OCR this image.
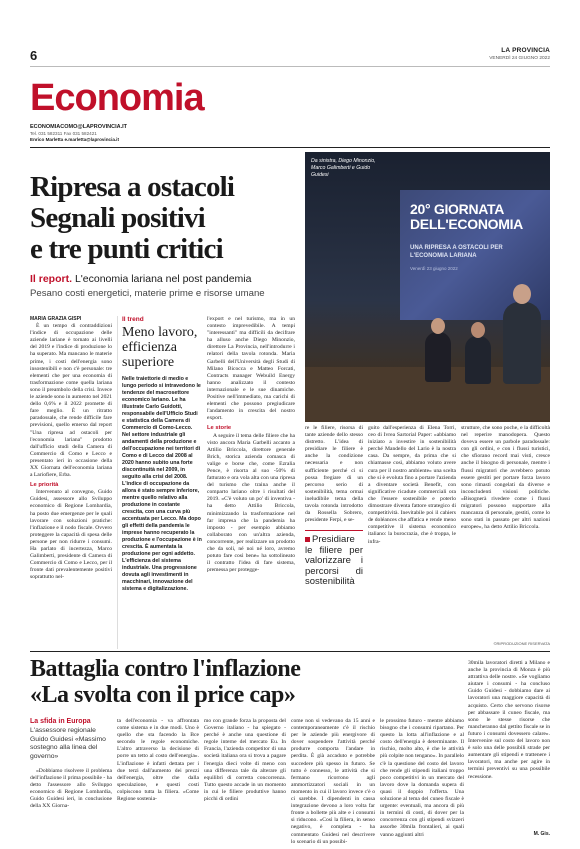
6	LA PROVINCIA
VENERDÌ 24 GIUGNO 2022
Economia
ECONOMIACOMO@LAPROVINCIA.IT
Tel. 031 582311 Fax 031 582421
Enrico Marletta e.marletta@laprovincia.it
Ripresa a ostacoli
Segnali positivi
e tre punti critici
Il report. L'economia lariana nel post pandemia
Pesano costi energetici, materie prime e risorse umane
20° GIORNATA DELL'ECONOMIA
UNA RIPRESA A OSTACOLI PER L'ECONOMIA LARIANA
Venerdì 23 giugno 2022
Da sinistra, Diego Minonzio, Marco Galimberti e Guido Guidesi
MARIA GRAZIA GISPI

È un tempo di contraddizioni l'indice di occupazione delle aziende lariane è tornato ai livelli del 2019 e l'indice di produzione lo ha superato. Ma mancano le materie prime, i costi dell'energia sono insostenibili e non c'è personale: tre elementi che per una economia di trasformazione come quella lariana sono il preambolo della crisi. Invece le aziende sono in aumento nel 2021 dello 0,6% e il 2022 promette di fare meglio. È un ritratto paradossale, che rende difficile fare previsioni, quello emerso dal report "Una ripresa ad ostacoli per l'economia lariana" prodotto dall'ufficio studi della Camera di Commercio di Como e Lecco e presentato ieri in occasione della XX Giornata dell'economia lariana a Lariofiere, Erba.

Le priorità

Intervenuto al convegno, Guido Guidesi, assessore allo Sviluppo economico di Regione Lombardia, ha posto due emergenze per le quali lavorare con soluzioni pratiche: l'inflazione e il nodo fiscale. Ovvero proteggere la capacità di spesa delle persone per non ridurre i consumi. Ha parlato di incertezza, Marco Galimberti, presidente di Camera di Commercio di Como e Lecco, per il fronte dati prevalentemente positivi soprattutto nel-

Il trend
Meno lavoro, efficienza superiore
Nelle traiettorie di medio e lungo periodo si intravedono le tendenze del macrosettore economico lariano. Le ha illustrate Carlo Guidotti, responsabile dell'Ufficio Studi e statistica della Camera di Commercio di Como-Lecco. Nel settore industriale gli andamenti della produzione e dell'occupazione nei territori di Como e di Lecco dal 2008 al 2020 hanno subito una forte discontinuità nel 2009, in seguito alla crisi del 2008. L'indice di occupazione da allora è stato sempre inferiore, mentre quello relativo alla produzione in costante crescita, con una curva più accentuata per Lecco. Ma dopo gli effetti della pandemia le imprese hanno recuperato la produzione e l'occupazione è in crescita. È aumentata la produzione per ogni addetto. L'efficienza del sistema industriale. Una progressione dovuta agli investimenti in macchinari, innovazione del sistema e digitalizzazione.

l'export e nel turismo, ma in un contesto imprevedibile. A tempi "interessanti" ma difficili da decifrare ha alluso anche Diego Minonzio, direttore La Provincia, nell'introdurre i relatori della tavola rotonda. Maria Garbelli dell'Università degli Studi di Milano Bicocca e Matteo Forcati, Contracts manager Webuild Energy hanno analizzato il contesto internazionale e le sue dinamiche. Positive nell'immediato, ma carichi di elementi che possono pregiudicare l'andamento in crescita del nostro export.

Le storie

A seguire il tema delle filiere che ha visto ancora Maria Garbelli accanto a Attilio Briccola, direttore generale Brich, storica azienda comasca di valige e borse che, come Ezralia Pence, è risorta al suo -50% di fatturato e ora vola alta con una ripresa del turismo che traina anche il comparto lariano oltre i risultati del 2019. «C'è voluto un po' di inventiva - ha detto Attilio Briccola, minimizzando la trasformazione nel far impresa che la pandemia ha imposto - per esempio abbiamo collaborato con un'altra azienda, concorrente, per realizzare un prodotto che da soli, né noi né loro, avremo potuto fare così bene» ha sottolineato il contratto l'idea di fare sistema, premessa per protegge-

re le filiere, risorsa di tante aziende dello stesso distretto. L'idea di presidiare le filiere è anche la condizione necessaria e non sufficiente perché ci si possa fregiare di un percorso serio di sostenibilità, tema ormai ineludibile tema della tavola rotonda introdotto da Rossella Sobrero, presidente Ferpi, e se-

Presidiare le filiere per valorizzare i percorsi di sostenibilità

guito dall'esperienza di Elena Torri, ceo di Ivrea Sartorial Paper: «abbiamo iniziato a investire in sostenibilità perché Mandello del Lario è la nostra casa. Da sempre, da prima che si chiamasse così, abbiamo voluto avere cura per il nostro ambiente» una scelta che si è evoluta fino a portare l'azienda a diventare società Benefit, con significative ricadute commerciali ora che l'essere sostenibile e poterlo dimostrare diventa fattore strategico di competitività. Inevitabile poi il cahiers de doléances che affatica e rende meno competitive il sistema economico italiano: la burocrazia, che è troppa, le infra-

strutture, che sono poche, e la difficoltà nel reperire manodopera. Questo doveva essere un parbole paradossale: con gli ordini, e con i flussi turistici, che sfiorano record mai visti, cresce anche il bisogno di personale, mentre i flussi migratori che avrebbero potuto essere gestiti per portare forza lavoro sono rimasti congelati da diverse e inconcludenti visioni politiche. «Bisognerà rivedere come i flussi migratori possono supportare alla mancanza di personale, gestiti, come lo sono stati in passato per altri nazioni europee», ha detto Attilio Briccola.

©RIPRODUZIONE RISERVATA
Battaglia contro l'inflazione
«La svolta con il price cap»
La sfida in Europa
L'assessore regionale Guido Guidesi «Massimo sostegno alla linea del governo»

«Dobbiamo risolvere il problema dell'inflazione il prima possibile - ha detto l'assessore allo Sviluppo economico di Regione Lombardia, Guido Guidesi ieri, in conclusione della XX Giorna-

ta dell'economia - va affrontata come sistema e in due modi. Uno è quello che sta facendo la Bce secondo le regole economiche. L'altro attraverso la decisione di porre un tetto al costo dell'energia». L'inflazione è infatti dettata per i due terzi dall'aumento dei prezzi dell'energia, oltre che dalla speculazione, e questi costi colpiscono tutta la filiera. «Come Regione sostenia-

mo con grande forza la proposta del Governo italiano - ha spiegato - perché è anche una questione di regole interne del mercato Eu. In Francia, l'azienda competitor di una società italiana ora si trova a pagare l'energia dieci volte di meno con una differenza tale da alterare gli equilibri di corretta concorrenza. Tutto questo accade in un momento in cui le filiere produttive hanno picchi di ordini

come non si vedevano da 15 anni e contemporaneamente c'è il rischio per le aziende più energivore di dover sospendere l'attività perché produrre comporta l'andare in perdita. È già accaduto e potrebbe succedere più spesso in futuro. Se tutto è connesso, le attività che si fermano ricorrono agli ammortizzatori sociali in un momento in cui il lavoro invece c'è o ci sarebbe. I dipendenti in cassa integrazione devono a loro volta far fronte a bollette più alte e i consumi si riducono. «Così la filiera, in senso negativo, è completa - ha commentato Guidesi nel descrivere lo scenario di un possibi-

le prossimo futuro - mentre abbiamo bisogno che i consumi ripartano. Per questo la lotta all'inflazione e al costo dell'energia è determinante. Il rischio, molto alto, è che le attività più colpite non tengano». In parallelo c'è la questione del costo del lavoro che rende gli stipendi italiani troppo poco competitivi in un mercato del lavoro dove la domanda supera di quasi il doppio l'offerta. Una soluzione al tema del cuneo fiscale è urgente: eventuali, ma ancora di più in termini di costi, di dover per la concorrenza con gli stipendi svizzeri assorbe 30mila frontalieri, ai quali vanno aggiunti altri

30mila lavoratori diretti a Milano e anche la provincia di Monza è più attrattiva delle nostre. «Se vogliamo aiutare i consumi - ha concluso Guido Guidesi - dobbiamo dare ai lavoratori una maggiore capacità di acquisto. Certo che servono risorse per abbassare il cuneo fiscale, ma sono le stesse risorse che mancheranno dal gettito fiscale se in futuro i consumi dovessero calare». Intervenire sul costo del lavoro non è solo una delle possibili strade per aumentare gli stipendi e trattenere i lavoratori, ma anche per agire in termini preventivi su una possibile recessione.

M. Gis.
